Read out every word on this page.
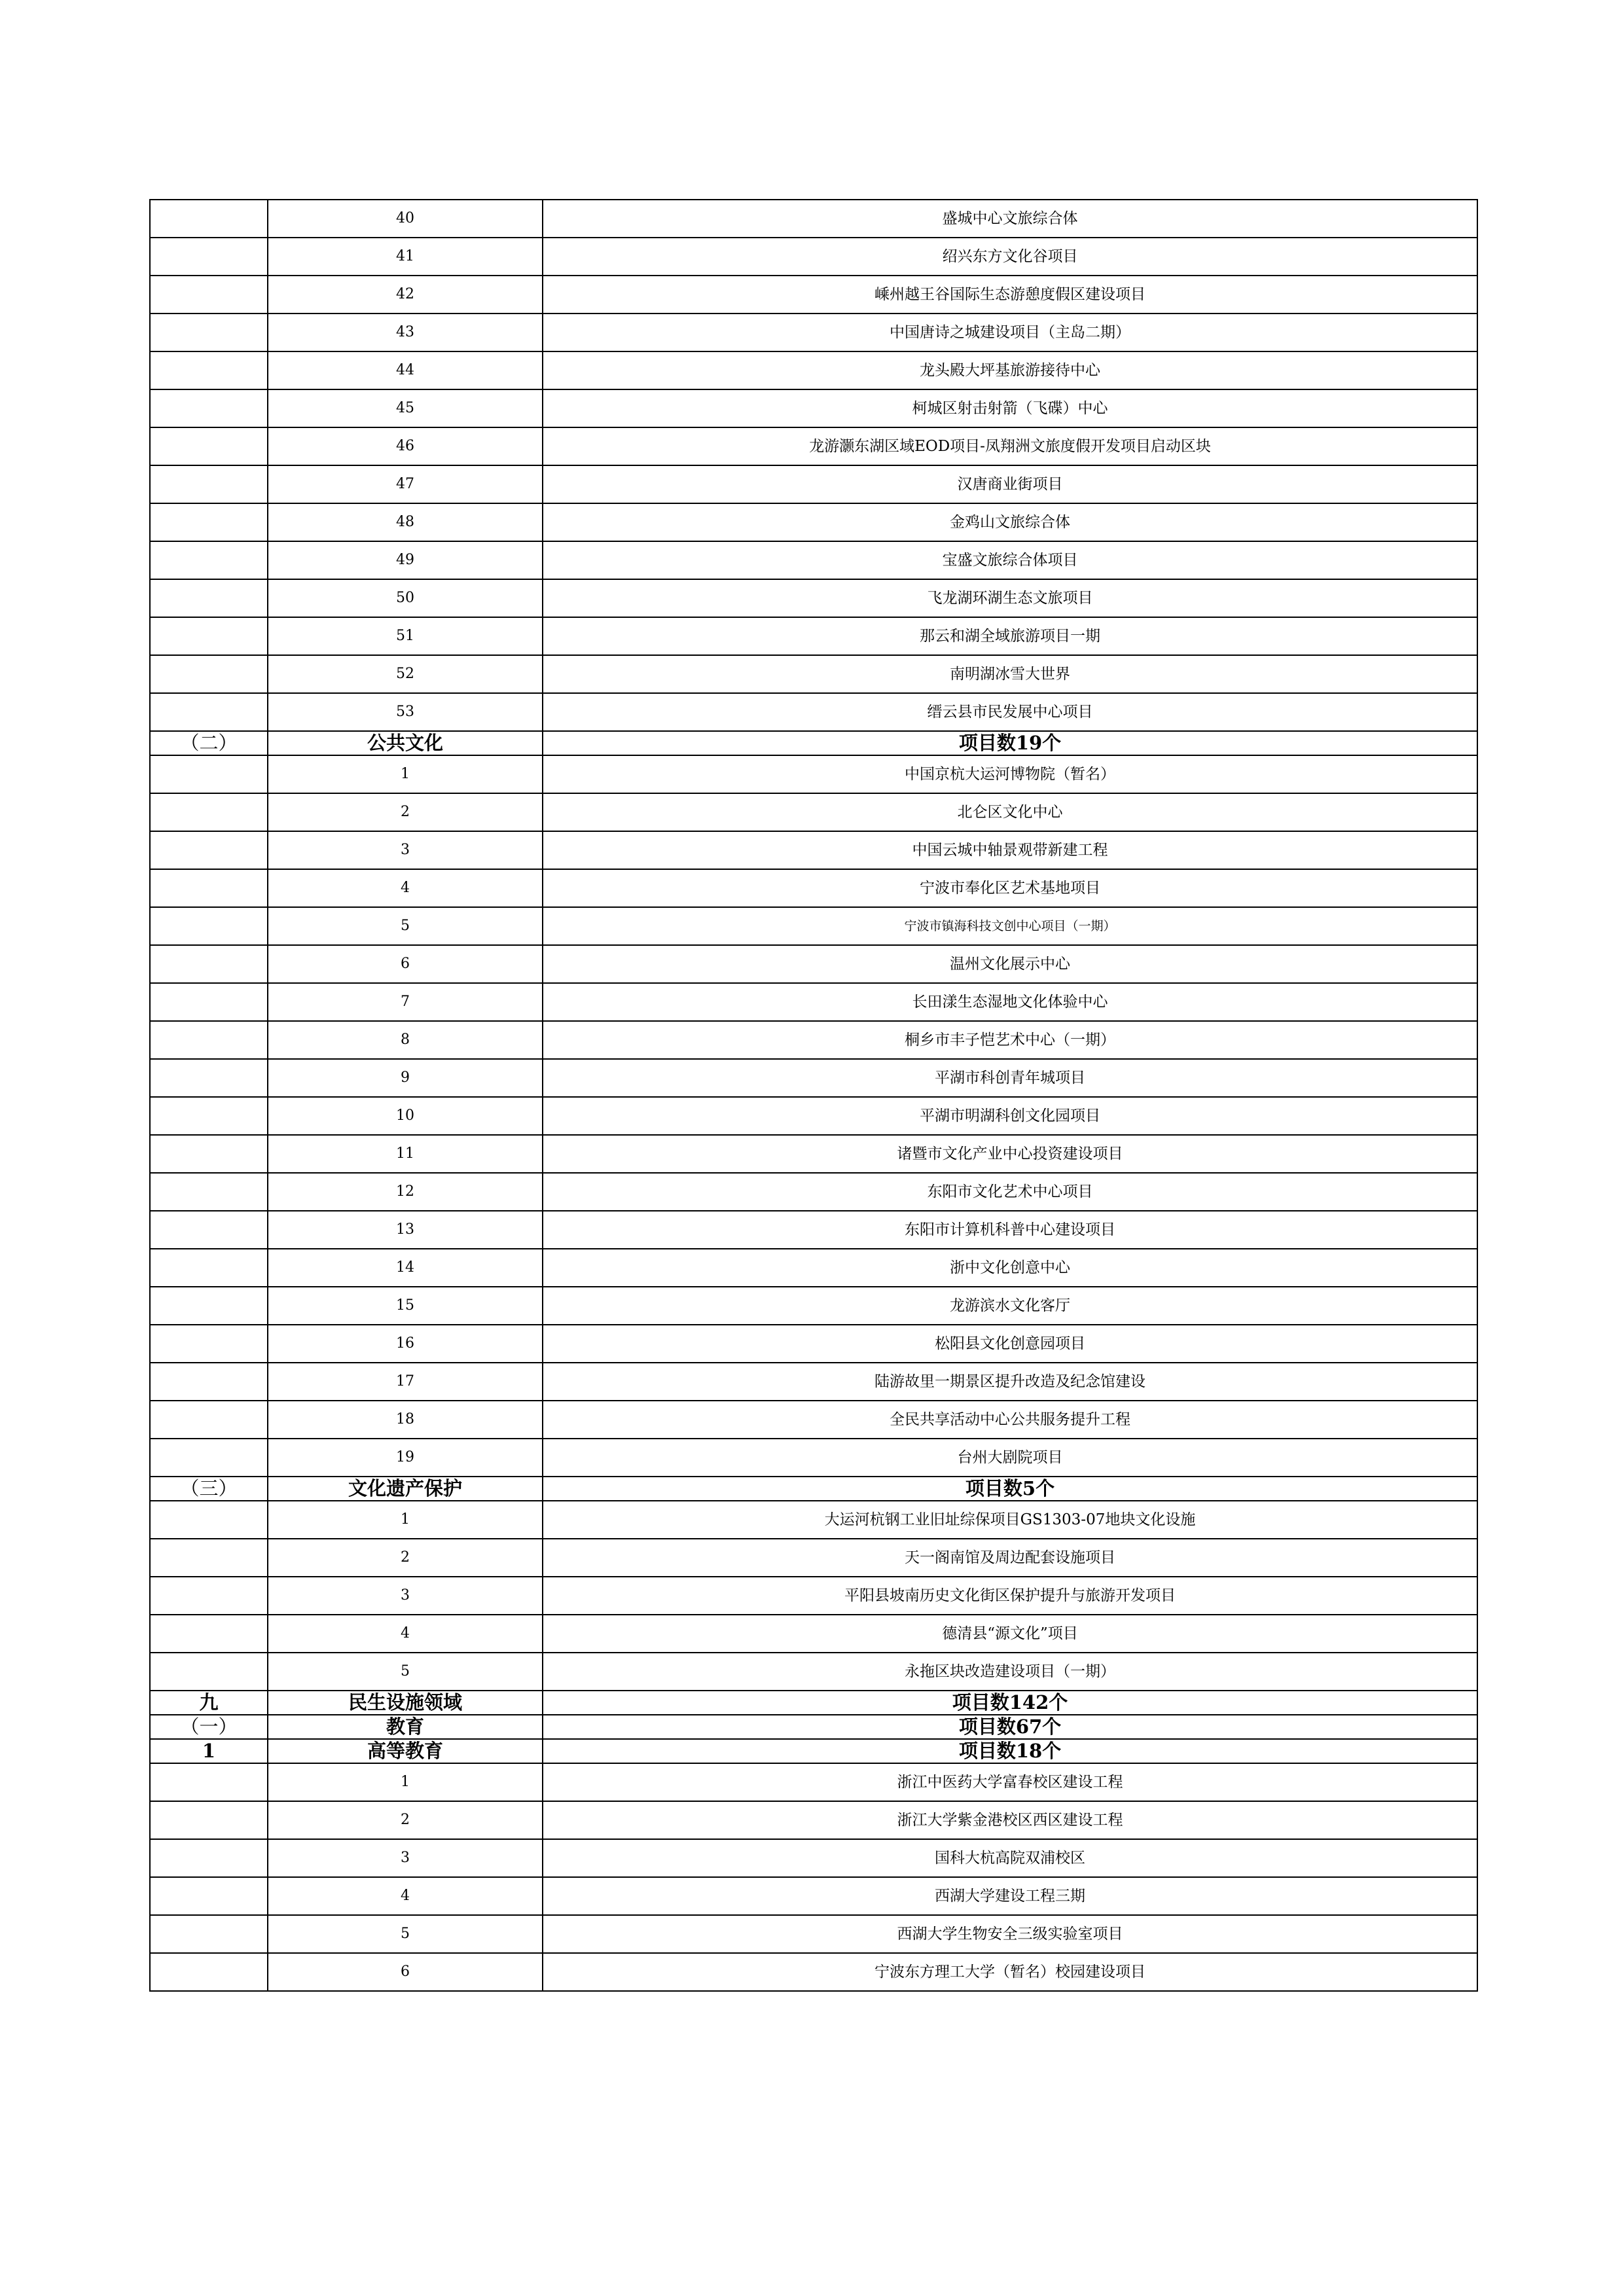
	40	盛城中心文旅综合体
	41	绍兴东方文化谷项目
	42	嵊州越王谷国际生态游憩度假区建设项目
	43	中国唐诗之城建设项目（主岛二期）
	44	龙头殿大坪基旅游接待中心
	45	柯城区射击射箭（飞碟）中心
	46	龙游灏东湖区域EOD项目-凤翔洲文旅度假开发项目启动区块
	47	汉唐商业街项目
	48	金鸡山文旅综合体
	49	宝盛文旅综合体项目
	50	飞龙湖环湖生态文旅项目
	51	那云和湖全域旅游项目一期
	52	南明湖冰雪大世界
	53	缙云县市民发展中心项目
（二）	公共文化	项目数19个
	1	中国京杭大运河博物院（暂名）
	2	北仑区文化中心
	3	中国云城中轴景观带新建工程
	4	宁波市奉化区艺术基地项目
	5	宁波市镇海科技文创中心项目（一期）
	6	温州文化展示中心
	7	长田漾生态湿地文化体验中心
	8	桐乡市丰子恺艺术中心（一期）
	9	平湖市科创青年城项目
	10	平湖市明湖科创文化园项目
	11	诸暨市文化产业中心投资建设项目
	12	东阳市文化艺术中心项目
	13	东阳市计算机科普中心建设项目
	14	浙中文化创意中心
	15	龙游滨水文化客厅
	16	松阳县文化创意园项目
	17	陆游故里一期景区提升改造及纪念馆建设
	18	全民共享活动中心公共服务提升工程
	19	台州大剧院项目
（三）	文化遗产保护	项目数5个
	1	大运河杭钢工业旧址综保项目GS1303-07地块文化设施
	2	天一阁南馆及周边配套设施项目
	3	平阳县坡南历史文化街区保护提升与旅游开发项目
	4	德清县“源文化”项目
	5	永拖区块改造建设项目（一期）
九	民生设施领域	项目数142个
（一）	教育	项目数67个
1	高等教育	项目数18个
	1	浙江中医药大学富春校区建设工程
	2	浙江大学紫金港校区西区建设工程
	3	国科大杭高院双浦校区
	4	西湖大学建设工程三期
	5	西湖大学生物安全三级实验室项目
	6	宁波东方理工大学（暂名）校园建设项目
